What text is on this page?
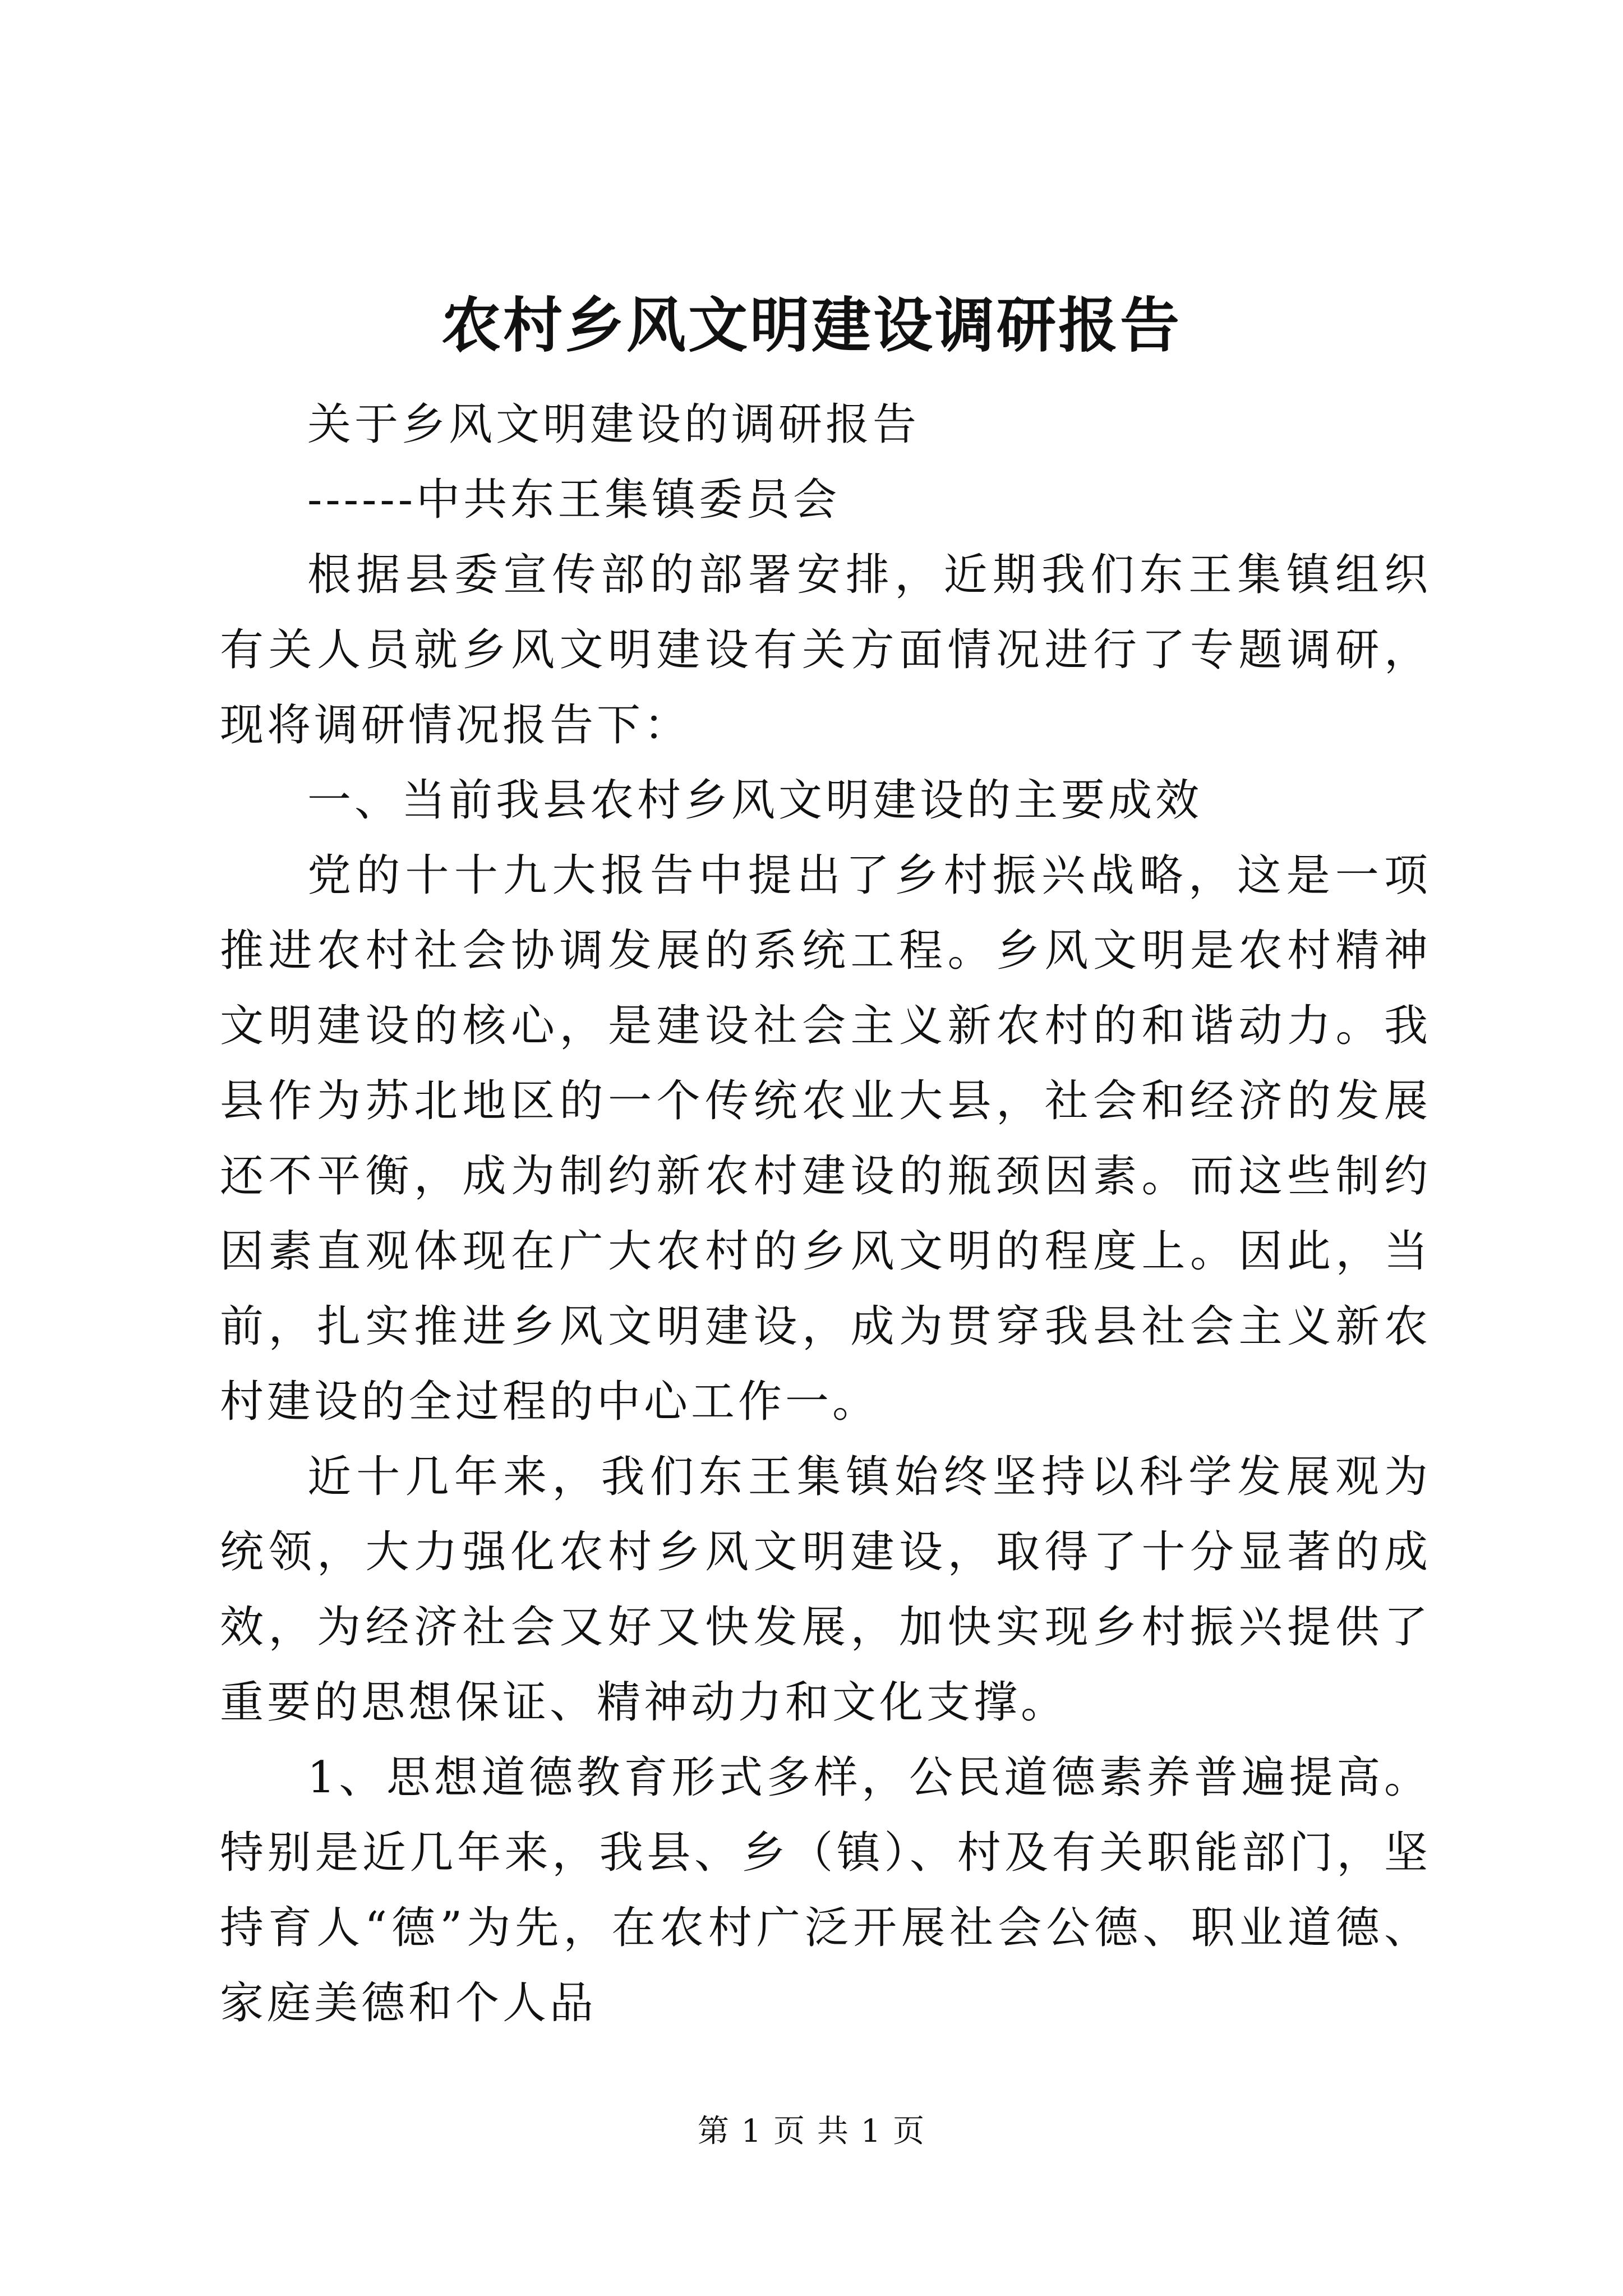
农村乡风文明建设调研报告

关于乡风文明建设的调研报告

------中共东王集镇委员会

根据县委宣传部的部署安排，近期我们东王集镇组织有关人员就乡风文明建设有关方面情况进行了专题调研，现将调研情况报告下：

一、当前我县农村乡风文明建设的主要成效

党的十十九大报告中提出了乡村振兴战略，这是一项推进农村社会协调发展的系统工程。乡风文明是农村精神文明建设的核心，是建设社会主义新农村的和谐动力。我县作为苏北地区的一个传统农业大县，社会和经济的发展还不平衡，成为制约新农村建设的瓶颈因素。而这些制约因素直观体现在广大农村的乡风文明的程度上。因此，当前，扎实推进乡风文明建设，成为贯穿我县社会主义新农村建设的全过程的中心工作一。

近十几年来，我们东王集镇始终坚持以科学发展观为统领，大力强化农村乡风文明建设，取得了十分显著的成效，为经济社会又好又快发展，加快实现乡村振兴提供了重要的思想保证、精神动力和文化支撑。

1、思想道德教育形式多样，公民道德素养普遍提高。特别是近几年来，我县、乡（镇）、村及有关职能部门，坚持育人“德”为先，在农村广泛开展社会公德、职业道德、家庭美德和个人品

第 1 页 共 1 页
